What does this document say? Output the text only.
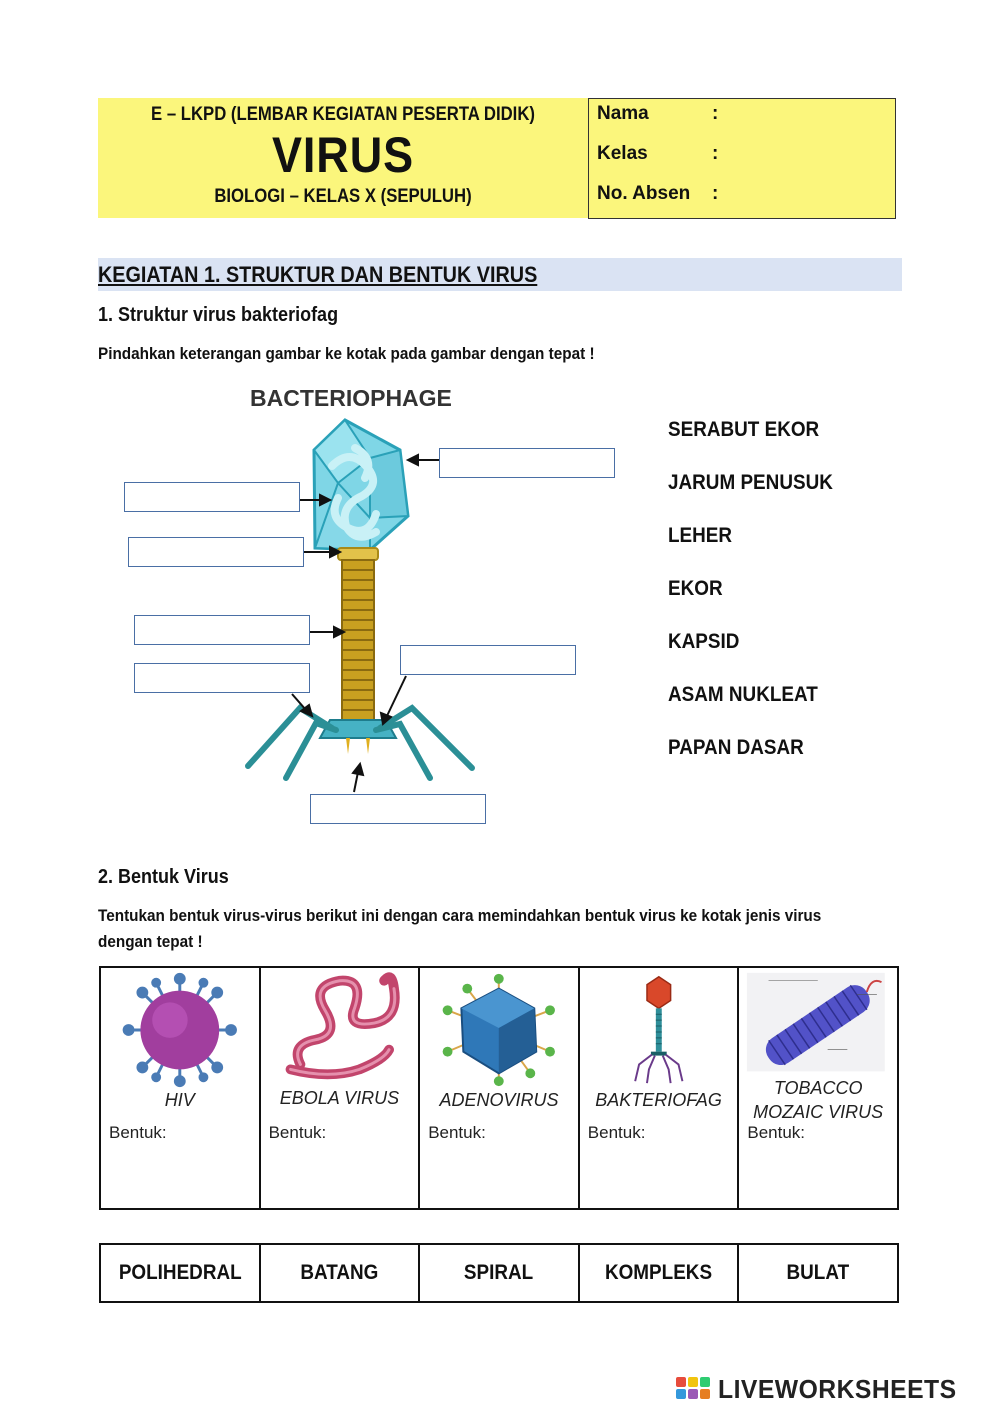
E – LKPD (LEMBAR KEGIATAN PESERTA DIDIK)
VIRUS
BIOLOGI – KELAS X (SEPULUH)
Nama	:
Kelas	:
No. Absen :
KEGIATAN 1. STRUKTUR DAN BENTUK VIRUS
1. Struktur virus bakteriofag
Pindahkan keterangan gambar ke kotak pada gambar dengan tepat !
BACTERIOPHAGE
SERABUT EKOR
JARUM PENUSUK
LEHER
EKOR
KAPSID
ASAM NUKLEAT
PAPAN DASAR
2. Bentuk Virus
Tentukan bentuk virus-virus berikut ini dengan cara memindahkan bentuk virus ke kotak jenis virus
dengan tepat !
HIV
Bentuk:
EBOLA VIRUS
Bentuk:
ADENOVIRUS
Bentuk:
BAKTERIOFAG
Bentuk:
TOBACCO
MOZAIC VIRUS
Bentuk:
POLIHEDRAL	BATANG	SPIRAL	KOMPLEKS	BULAT
LIVEWORKSHEETS
